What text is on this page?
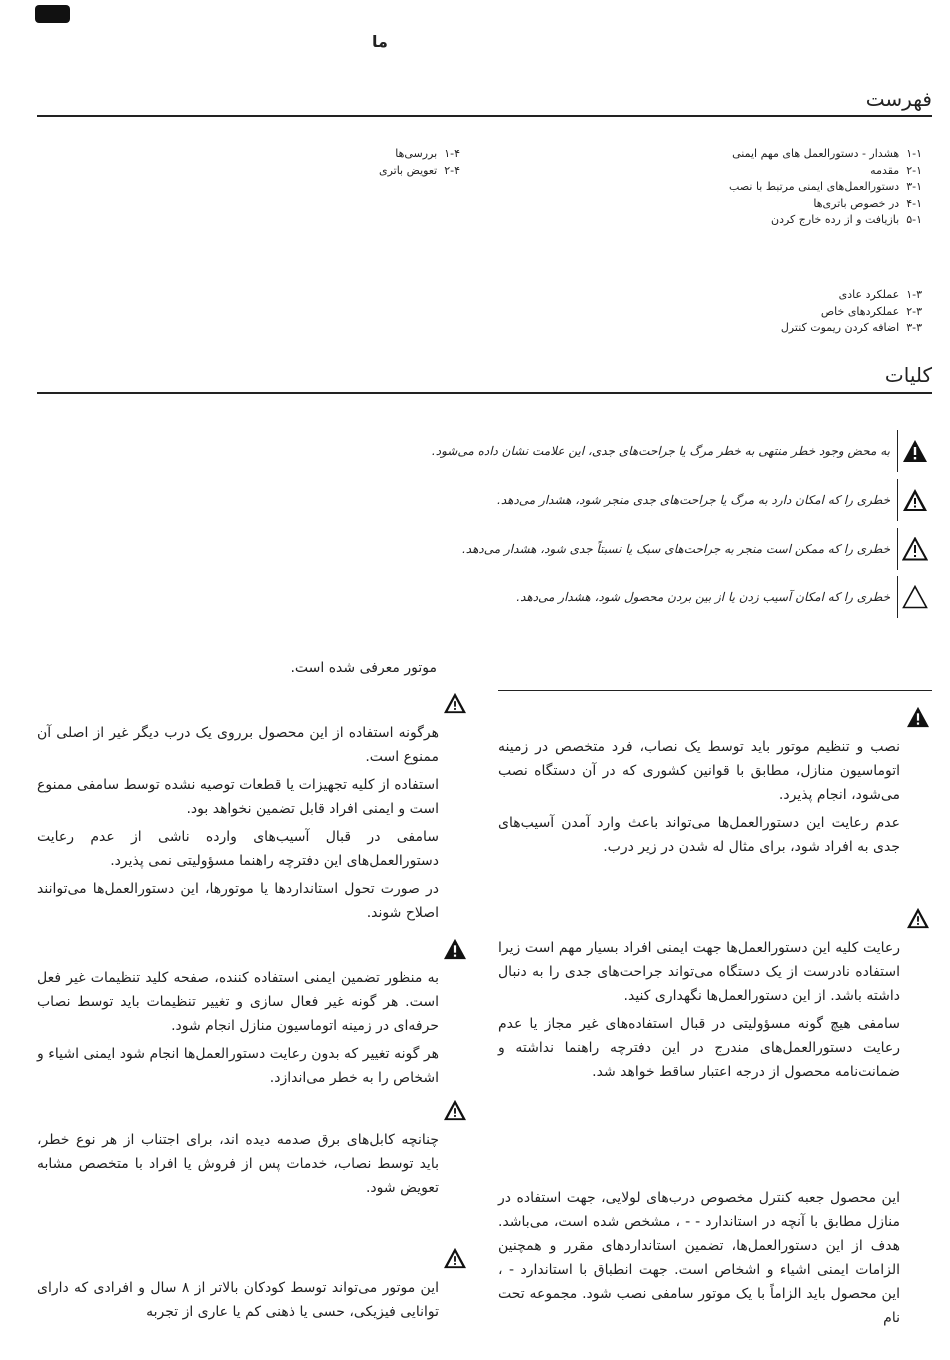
ما
فهرست
۱-۱  هشدار - دستورالعمل های مهم ایمنی
۲-۱  مقدمه
۳-۱  دستورالعمل‌های ایمنی مرتبط با نصب
۴-۱  در خصوص باتری‌ها
۵-۱  بازیافت و از رده خارج کردن
۱-۴  بررسی‌ها
۲-۴  تعویض باتری
۱-۳  عملکرد عادی
۲-۳  عملکردهای خاص
۳-۳  اضافه کردن ریموت کنترل
کلیات
به محض وجود خطر منتهی به خطر مرگ یا جراحت‌های جدی، این علامت نشان داده می‌شود.
خطری را که امکان دارد به مرگ یا جراحت‌های جدی منجر شود، هشدار می‌دهد.
خطری را که ممکن است منجر به جراحت‌های سبک یا نسبتاً جدی شود، هشدار می‌دهد.
خطری را که امکان آسیب زدن یا از بین بردن محصول شود، هشدار می‌دهد.

نصب و تنظیم موتور باید توسط یک نصاب، فرد متخصص در زمینه اتوماسیون منازل، مطابق با قوانین کشوری که در آن دستگاه نصب می‌شود، انجام پذیرد.

عدم رعایت این دستورالعمل‌ها می‌تواند باعث وارد آمدن آسیب‌های جدی به افراد شود، برای مثال له شدن در زیر درب.

رعایت کلیه این دستورالعمل‌ها جهت ایمنی افراد بسیار مهم است زیرا استفاده نادرست از یک دستگاه می‌تواند جراحت‌های جدی را به دنبال داشته باشد. از این دستورالعمل‌ها نگهداری کنید.

سامفی هیچ گونه مسؤولیتی در قبال استفاده‌های غیر مجاز یا عدم رعایت دستورالعمل‌های مندرج در این دفترچه راهنما نداشته و ضمانت‌نامه محصول از درجه اعتبار ساقط خواهد شد.

این محصول جعبه کنترل مخصوص درب‌های لولایی، جهت استفاده در منازل مطابق با آنچه در استاندارد - - ، مشخص شده است، می‌باشد. هدف از این دستورالعمل‌ها، تضمین استانداردهای مقرر و همچنین الزامات ایمنی اشیاء و اشخاص است. جهت انطباق با استاندارد - ، این محصول باید الزاماً با یک موتور سامفی نصب شود. مجموعه تحت نام

موتور معرفی شده است.

هرگونه استفاده از این محصول برروی یک درب دیگر غیر از اصلی آن ممنوع است.

استفاده از کلیه تجهیزات یا قطعات توصیه نشده توسط سامفی ممنوع است و ایمنی افراد قابل تضمین نخواهد بود.

سامفی در قبال آسیب‌های وارده ناشی از عدم رعایت دستورالعمل‌های این دفترچه راهنما مسؤولیتی نمی پذیرد.

در صورت تحول استانداردها یا موتورها، این دستورالعمل‌ها می‌توانند اصلاح شوند.

به منظور تضمین ایمنی استفاده کننده، صفحه کلید تنظیمات غیر فعل است. هر گونه غیر فعال سازی و تغییر تنظیمات باید توسط نصاب حرفه‌ای در زمینه اتوماسیون منازل انجام شود.

هر گونه تغییر که بدون رعایت دستورالعمل‌ها انجام شود ایمنی اشیاء و اشخاص را به خطر می‌اندازد.

چنانچه کابل‌های برق صدمه دیده اند، برای اجتناب از هر نوع خطر، باید توسط نصاب، خدمات پس از فروش یا افراد با متخصص مشابه تعویض شود.

این موتور می‌تواند توسط کودکان بالاتر از ۸ سال و افرادی که دارای توانایی فیزیکی، حسی یا ذهنی کم یا عاری از تجربه
